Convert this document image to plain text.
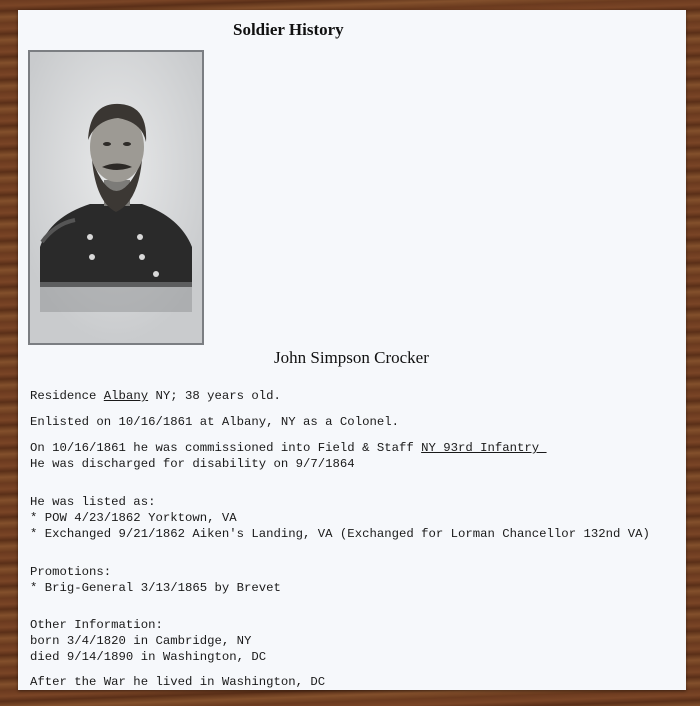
Soldier History
John Simpson Crocker
Residence Albany NY; 38 years old.
Enlisted on 10/16/1861 at Albany, NY as a Colonel.
On 10/16/1861 he was commissioned into Field & Staff NY 93rd Infantry
He was discharged for disability on 9/7/1864
He was listed as:
* POW 4/23/1862 Yorktown, VA
* Exchanged 9/21/1862 Aiken's Landing, VA (Exchanged for Lorman Chancellor 132nd VA)
Promotions:
* Brig-General 3/13/1865 by Brevet
Other Information:
born 3/4/1820 in Cambridge, NY
died 9/14/1890 in Washington, DC
After the War he lived in Washington, DC
